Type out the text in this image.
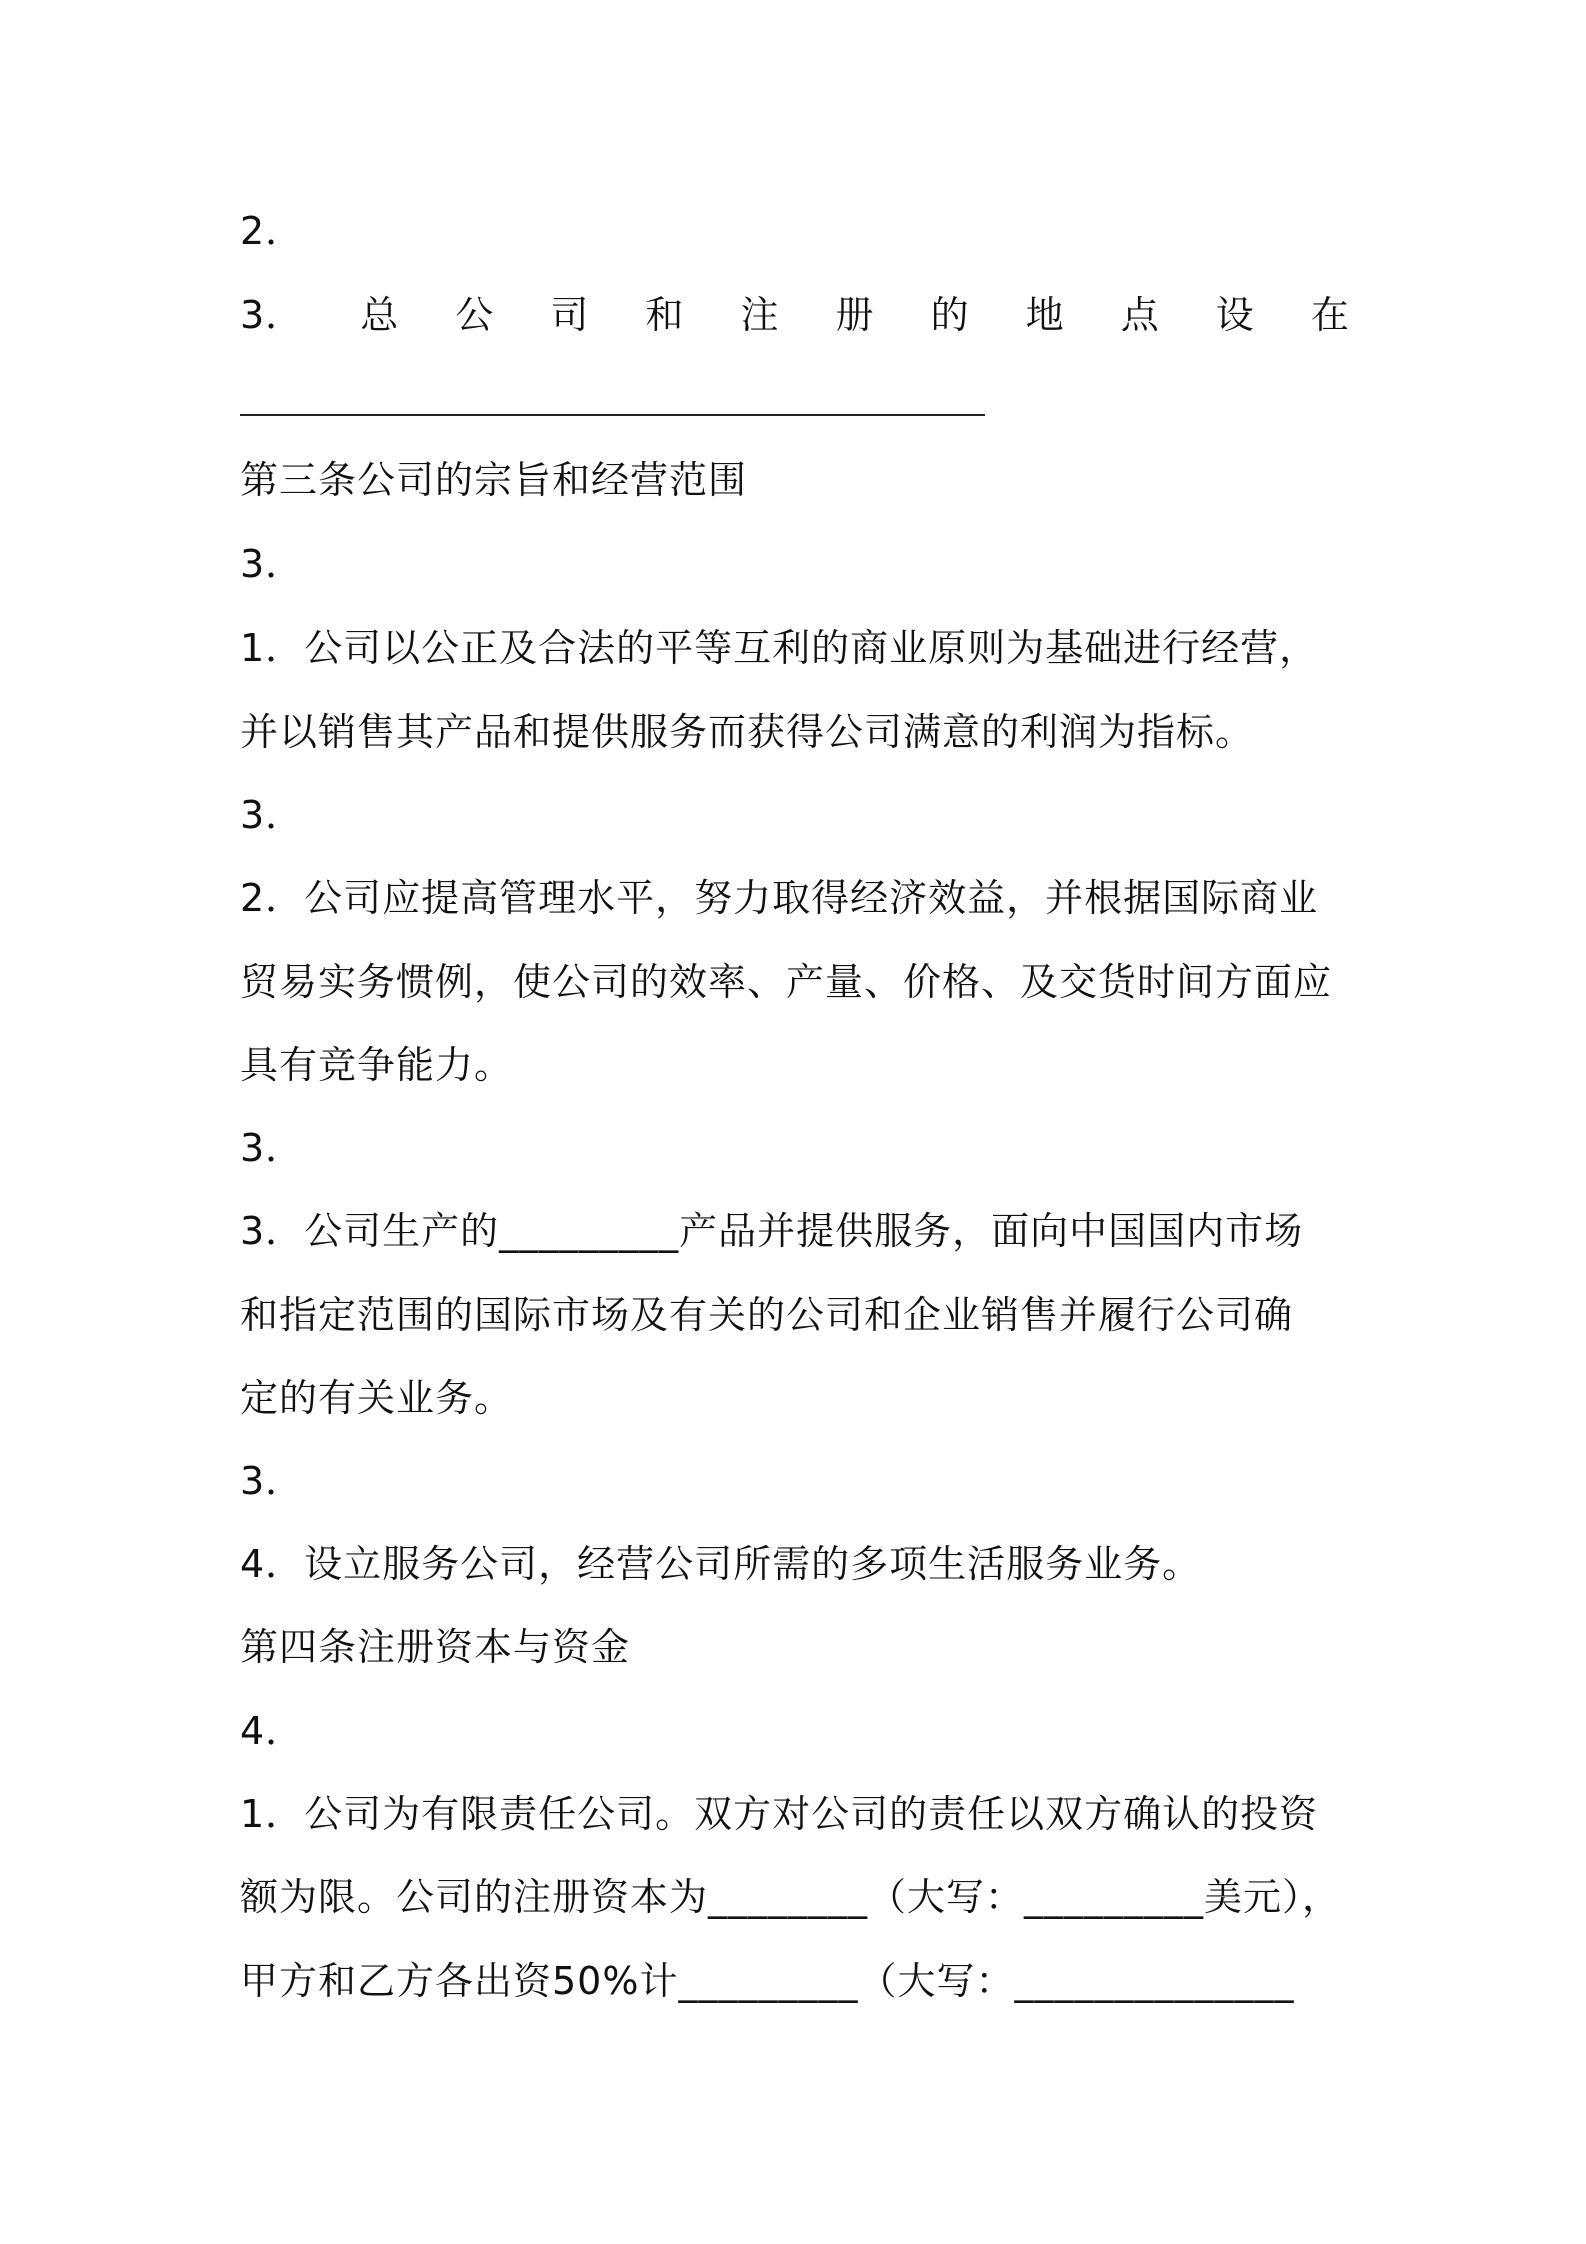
2．
3． 总 公 司 和 注 册 的 地 点 设 在
第三条公司的宗旨和经营范围
3．
1．公司以公正及合法的平等互利的商业原则为基础进行经营，
并以销售其产品和提供服务而获得公司满意的利润为指标。
3．
2．公司应提高管理水平，努力取得经济效益，并根据国际商业
贸易实务惯例，使公司的效率、产量、价格、及交货时间方面应
具有竞争能力。
3．
3．公司生产的_________产品并提供服务，面向中国国内市场
和指定范围的国际市场及有关的公司和企业销售并履行公司确
定的有关业务。
3．
4．设立服务公司，经营公司所需的多项生活服务业务。
第四条注册资本与资金
4．
1．公司为有限责任公司。双方对公司的责任以双方确认的投资
额为限。公司的注册资本为________（大写：_________美元），
甲方和乙方各出资50%计_________（大写：______________
